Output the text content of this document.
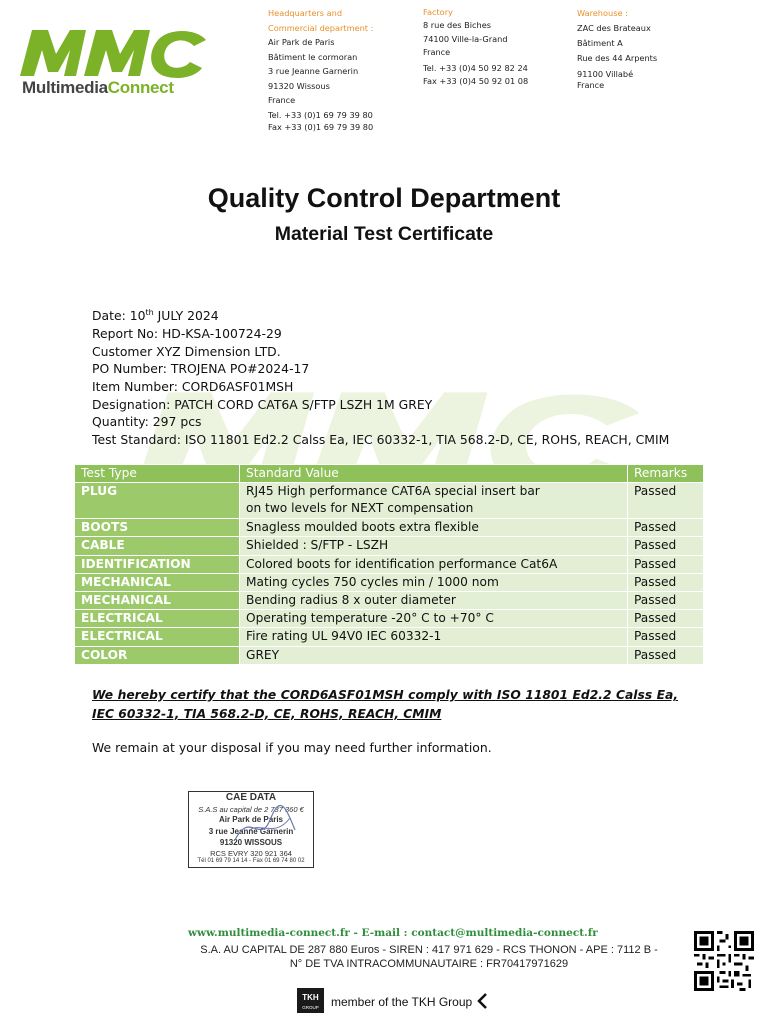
MultimediaConnect
Headquarters and
Commercial department :
Air Park de Paris
Bâtiment le cormoran
3 rue Jeanne Garnerin
91320 Wissous
France
Tel. +33 (0)1 69 79 39 80
Fax +33 (0)1 69 79 39 80
Factory
8 rue des Biches
74100 Ville-la-Grand
France
Tel. +33 (0)4 50 92 82 24
Fax +33 (0)4 50 92 01 08
Warehouse :
ZAC des Brateaux
Bâtiment A
Rue des 44 Arpents
91100 Villabé
France
Quality Control Department
Material Test Certificate
Date: 10th JULY 2024
Report No: HD-KSA-100724-29
Customer XYZ Dimension LTD.
PO Number: TROJENA PO#2024-17
Item Number: CORD6ASF01MSH
Designation: PATCH CORD CAT6A S/FTP LSZH 1M GREY
Quantity: 297 pcs
Test Standard: ISO 11801 Ed2.2 Calss Ea, IEC 60332-1, TIA 568.2-D, CE, ROHS, REACH, CMIM
Test Type	Standard Value	Remarks
PLUG	RJ45 High performance CAT6A special insert bar
on two levels for NEXT compensation	Passed
BOOTS	Snagless moulded boots extra flexible	Passed
CABLE	Shielded : S/FTP - LSZH	Passed
IDENTIFICATION	Colored boots for identification performance Cat6A	Passed
MECHANICAL	Mating cycles 750 cycles min / 1000 nom	Passed
MECHANICAL	Bending radius 8 x outer diameter	Passed
ELECTRICAL	Operating temperature -20° C to +70° C	Passed
ELECTRICAL	Fire rating UL 94V0 IEC 60332-1	Passed
COLOR	GREY	Passed
We hereby certify that the CORD6ASF01MSH comply with ISO 11801 Ed2.2 Calss Ea, IEC 60332-1, TIA 568.2-D, CE, ROHS, REACH, CMIM
We remain at your disposal if you may need further information.
CAE DATA
S.A.S au capital de 2 737 360 €
Air Park de Paris
3 rue Jeanne Garnerin
91320 WISSOUS
RCS EVRY 320 921 364
Tél 01 69 79 14 14 - Fax 01 69 74 80 02
www.multimedia-connect.fr - E-mail : contact@multimedia-connect.fr
S.A. AU CAPITAL DE 287 880 Euros - SIREN : 417 971 629 - RCS THONON - APE : 7112 B -
N° DE TVA INTRACOMMUNAUTAIRE : FR70417971629
TKH
GROUP member of the TKH Group
